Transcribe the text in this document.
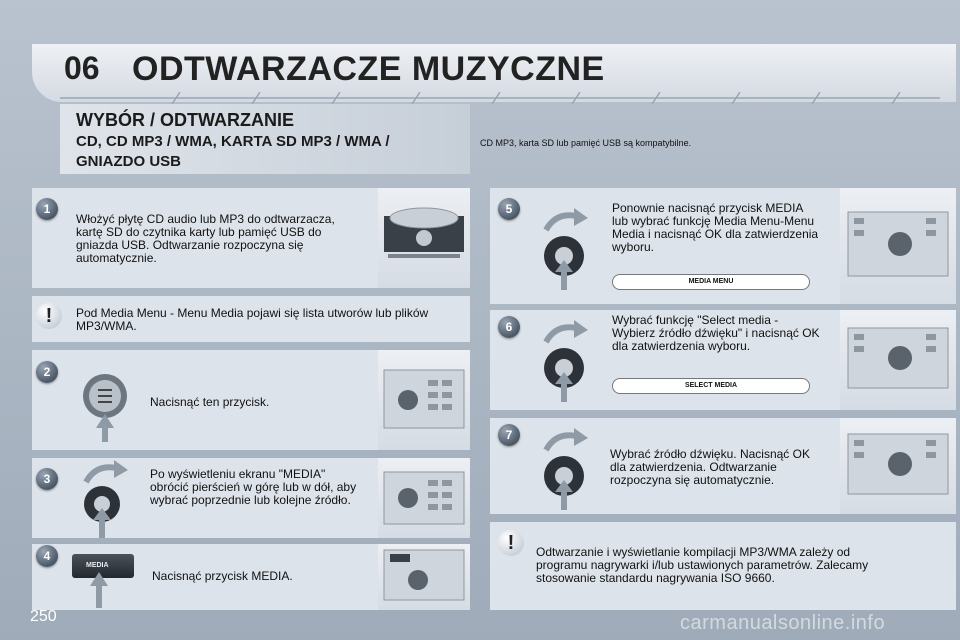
06 ODTWARZACZE MUZYCZNE
WYBÓR / ODTWARZANIE
CD, CD MP3 / WMA, KARTA SD MP3 / WMA / GNIAZDO USB
CD MP3, karta SD lub pamięć USB są kompatybilne.
1
Włożyć płytę CD audio lub MP3 do odtwarzacza, kartę SD do czytnika karty lub pamięć USB do gniazda USB. Odtwarzanie rozpoczyna się automatycznie.
!	Pod Media Menu - Menu Media pojawi się lista utworów lub plików MP3/WMA.
2
Nacisnąć ten przycisk.
3	Po wyświetleniu ekranu "MEDIA" obrócić pierścień w górę lub w dół, aby wybrać poprzednie lub kolejne źródło.
4
MEDIA
Nacisnąć przycisk MEDIA.
5	Ponownie nacisnąć przycisk MEDIA lub wybrać funkcję Media Menu-Menu Media i nacisnąć OK dla zatwierdzenia wyboru.
MEDIA MENU
6	Wybrać funkcję "Select media - Wybierz źródło dźwięku" i nacisnąć OK dla zatwierdzenia wyboru.
SELECT MEDIA
7
Wybrać źródło dźwięku. Nacisnąć OK dla zatwierdzenia. Odtwarzanie rozpoczyna się automatycznie.
!	Odtwarzanie i wyświetlanie kompilacji MP3/WMA zależy od programu nagrywarki i/lub ustawionych parametrów. Zalecamy stosowanie standardu nagrywania ISO 9660.
250	carmanualsonline.info
